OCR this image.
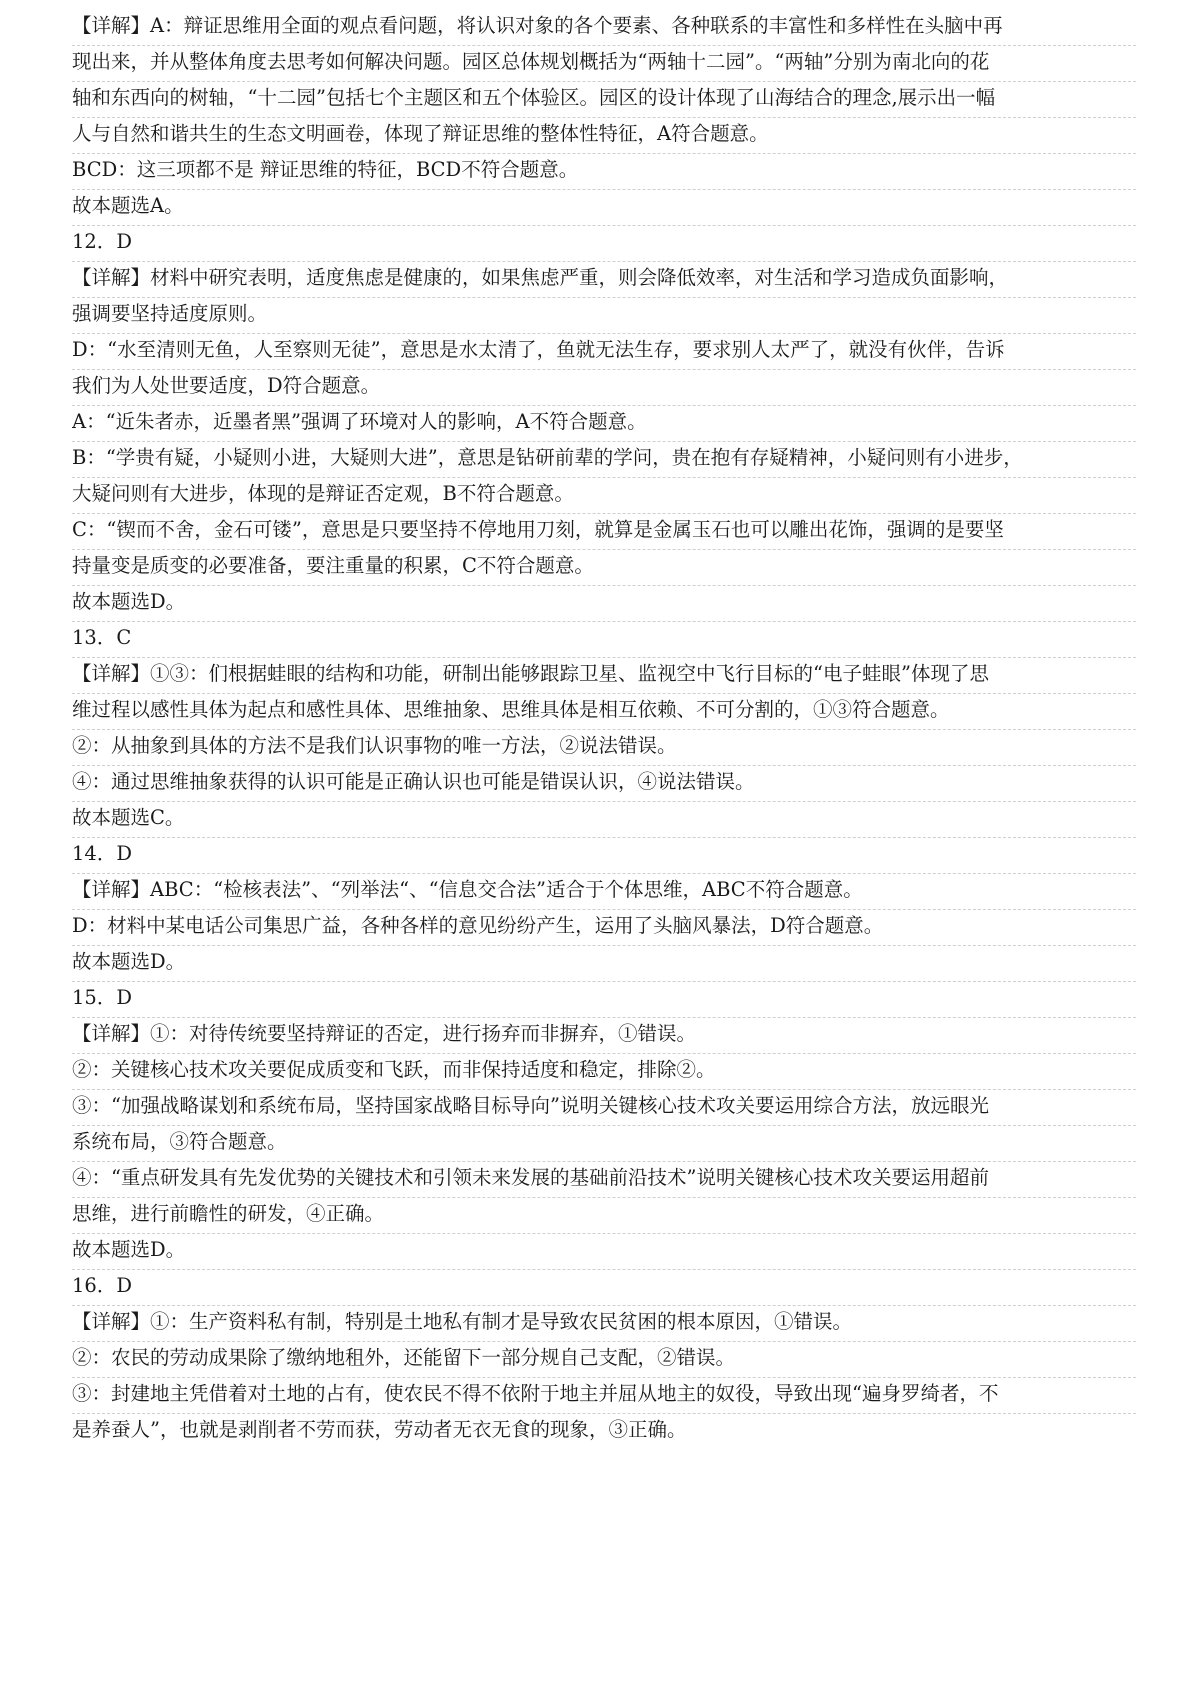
【详解】A：辩证思维用全面的观点看问题，将认识对象的各个要素、各种联系的丰富性和多样性在头脑中再
现出来，并从整体角度去思考如何解决问题。园区总体规划概括为“两轴十二园”。“两轴”分别为南北向的花
轴和东西向的树轴，“十二园”包括七个主题区和五个体验区。园区的设计体现了山海结合的理念,展示出一幅
人与自然和谐共生的生态文明画卷，体现了辩证思维的整体性特征，A符合题意。
BCD：这三项都不是 辩证思维的特征，BCD不符合题意。
故本题选A。
12．D
【详解】材料中研究表明，适度焦虑是健康的，如果焦虑严重，则会降低效率，对生活和学习造成负面影响，
强调要坚持适度原则。
D：“水至清则无鱼，人至察则无徒”，意思是水太清了，鱼就无法生存，要求别人太严了，就没有伙伴，告诉
我们为人处世要适度，D符合题意。
A：“近朱者赤，近墨者黑”强调了环境对人的影响，A不符合题意。
B：“学贵有疑，小疑则小进，大疑则大进”，意思是钻研前辈的学问，贵在抱有存疑精神，小疑问则有小进步，
大疑问则有大进步，体现的是辩证否定观，B不符合题意。
C：“锲而不舍，金石可镂”，意思是只要坚持不停地用刀刻，就算是金属玉石也可以雕出花饰，强调的是要坚
持量变是质变的必要准备，要注重量的积累，C不符合题意。
故本题选D。
13．C
【详解】①③：们根据蛙眼的结构和功能，研制出能够跟踪卫星、监视空中飞行目标的“电子蛙眼”体现了思
维过程以感性具体为起点和感性具体、思维抽象、思维具体是相互依赖、不可分割的，①③符合题意。
②：从抽象到具体的方法不是我们认识事物的唯一方法，②说法错误。
④：通过思维抽象获得的认识可能是正确认识也可能是错误认识，④说法错误。
故本题选C。
14．D
【详解】ABC：“检核表法”、“列举法“、“信息交合法”适合于个体思维，ABC不符合题意。
D：材料中某电话公司集思广益，各种各样的意见纷纷产生，运用了头脑风暴法，D符合题意。
故本题选D。
15．D
【详解】①：对待传统要坚持辩证的否定，进行扬弃而非摒弃，①错误。
②：关键核心技术攻关要促成质变和飞跃，而非保持适度和稳定，排除②。
③：“加强战略谋划和系统布局，坚持国家战略目标导向”说明关键核心技术攻关要运用综合方法，放远眼光
系统布局，③符合题意。
④：“重点研发具有先发优势的关键技术和引领未来发展的基础前沿技术”说明关键核心技术攻关要运用超前
思维，进行前瞻性的研发，④正确。
故本题选D。
16．D
【详解】①：生产资料私有制，特别是土地私有制才是导致农民贫困的根本原因，①错误。
②：农民的劳动成果除了缴纳地租外，还能留下一部分规自己支配，②错误。
③：封建地主凭借着对土地的占有，使农民不得不依附于地主并屈从地主的奴役，导致出现“遍身罗绮者，不
是养蚕人”，也就是剥削者不劳而获，劳动者无衣无食的现象，③正确。
